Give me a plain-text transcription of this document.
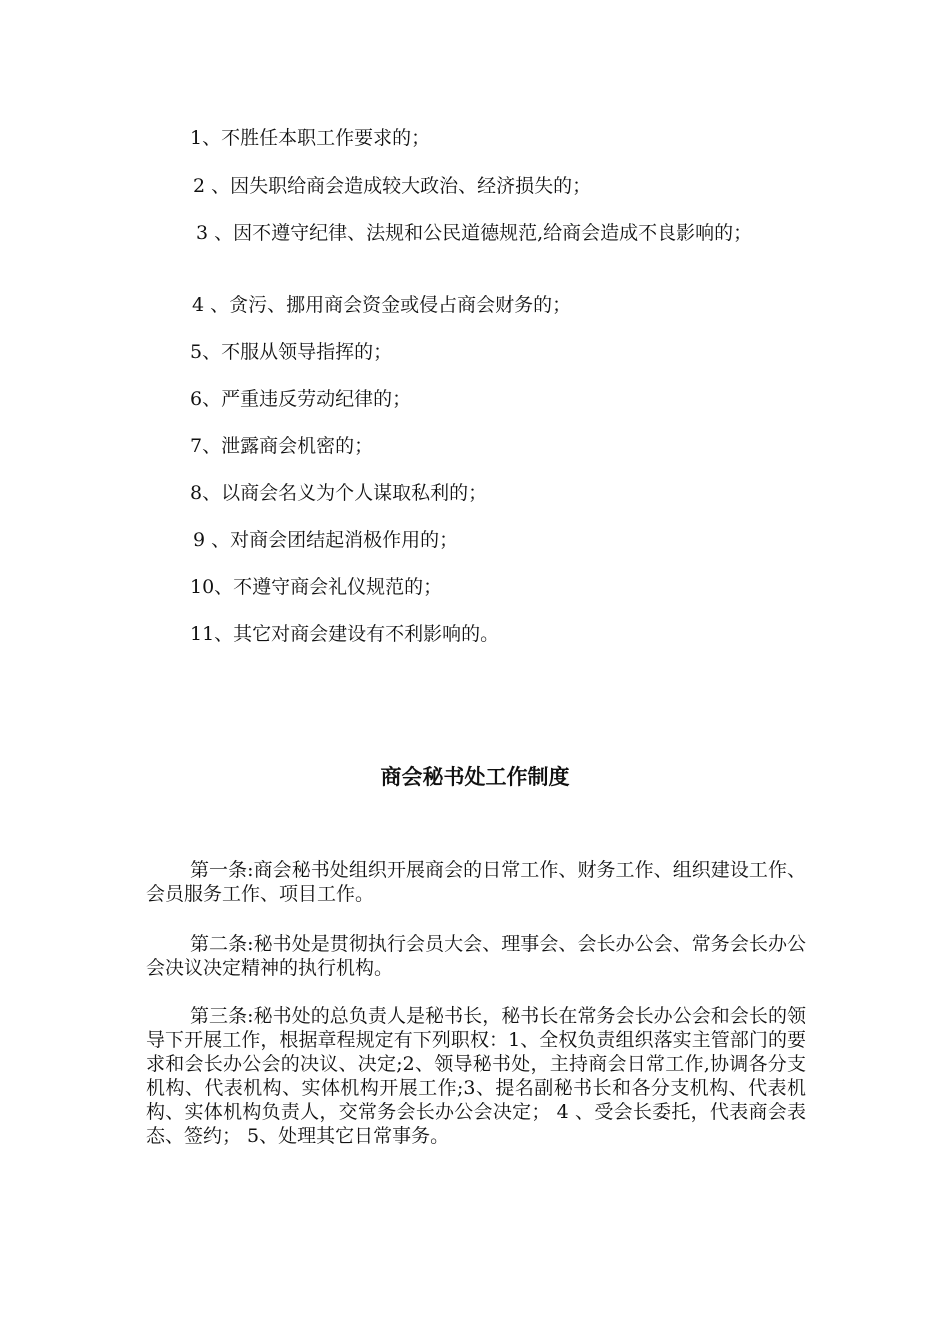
1、不胜任本职工作要求的；
2 、因失职给商会造成较大政治、经济损失的；
3 、因不遵守纪律、法规和公民道德规范,给商会造成不良影响的；
4 、贪污、挪用商会资金或侵占商会财务的；
5、不服从领导指挥的；
6、严重违反劳动纪律的；
7、泄露商会机密的；
8、以商会名义为个人谋取私利的；
9 、对商会团结起消极作用的；
10、不遵守商会礼仪规范的；
11、其它对商会建设有不利影响的。
商会秘书处工作制度
第一条:商会秘书处组织开展商会的日常工作、财务工作、组织建设工作、会员服务工作、项目工作。
第二条:秘书处是贯彻执行会员大会、理事会、会长办公会、常务会长办公会决议决定精神的执行机构。
第三条:秘书处的总负责人是秘书长，秘书长在常务会长办公会和会长的领导下开展工作，根据章程规定有下列职权：1、全权负责组织落实主管部门的要求和会长办公会的决议、决定;2、领导秘书处，主持商会日常工作,协调各分支机构、代表机构、实体机构开展工作;3、提名副秘书长和各分支机构、代表机构、实体机构负责人，交常务会长办公会决定； 4 、受会长委托，代表商会表态、签约； 5、处理其它日常事务。
